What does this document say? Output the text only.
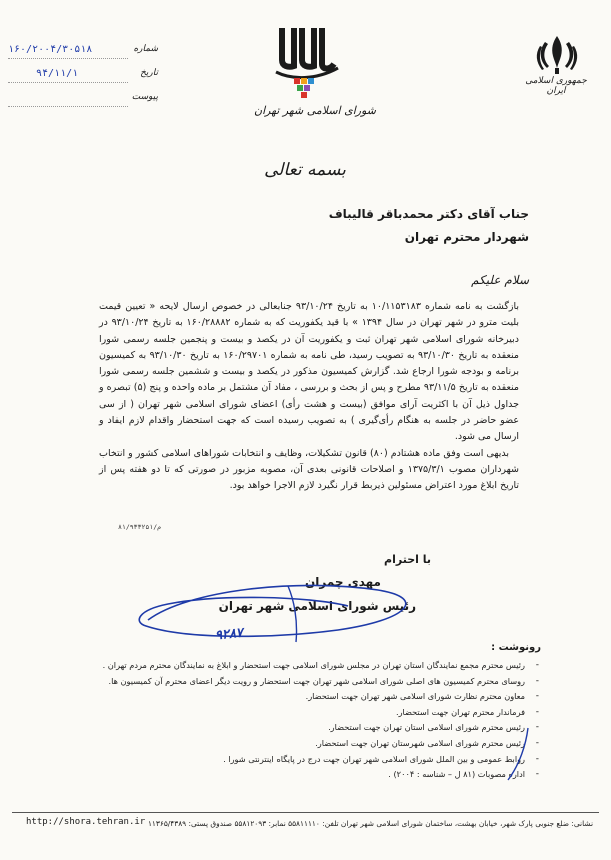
جمهوری اسلامی ایران
شورای اسلامی شهر تهران
۱۶۰/۲۰۰۴/۳۰۵۱۸	شماره
۹۴/۱۱/۱	تاریخ
پیوست
بسمه تعالی
جناب آقای دکتر محمدباقر قالیباف
شهردار محترم تهران
سلام علیکم

بازگشت به نامه شماره ۱۰/۱۱۵۳۱۸۳ به تاریخ ۹۳/۱۰/۲۴ جنابعالی در خصوص ارسال لایحه « تعیین قیمت بلیت مترو در شهر تهران در سال ۱۳۹۴ » با قید یکفوریت که به شماره ۱۶۰/۲۸۸۸۲ به تاریخ ۹۳/۱۰/۲۴ در دبیرخانه شورای اسلامی شهر تهران ثبت و یکفوریت آن در یکصد و بیست و پنجمین جلسه رسمی شورا منعقده به تاریخ ۹۳/۱۰/۳۰ به تصویب رسید، طی نامه به شماره ۱۶۰/۲۹۷۰۱ به تاریخ ۹۳/۱۰/۳۰ به کمیسیون برنامه و بودجه شورا ارجاع شد. گزارش کمیسیون مذکور در یکصد و بیست و ششمین جلسه رسمی شورا منعقده به تاریخ ۹۳/۱۱/۵ مطرح و پس از بحث و بررسی ، مفاد آن مشتمل بر ماده واحده و پنج (۵) تبصره و جداول ذیل آن با اکثریت آرای موافق (بیست و هشت رأی) اعضای شورای اسلامی شهر تهران ( از سی عضو حاضر در جلسه به هنگام رأی‌گیری ) به تصویب رسیده است که جهت استحضار واقدام لازم ایفاد و ارسال می شود.

بدیهی است وفق ماده هشتادم (۸۰) قانون تشکیلات، وظایف و انتخابات شوراهای اسلامی کشور و انتخاب شهرداران مصوب ۱۳۷۵/۳/۱ و اصلاحات قانونی بعدی آن، مصوبه مزبور در صورتی که تا دو هفته پس از تاریخ ابلاغ مورد اعتراض مسئولین ذیربط قرار نگیرد لازم الاجرا خواهد بود.

م/۸۱/۹۳۳۲۵۱
با احترام
مهدی چمران
رئیس شورای اسلامی شهر تهران
۹۲۸۷
رونوشت :
- رئیس محترم مجمع نمایندگان استان تهران در مجلس شورای اسلامی جهت استحضار و ابلاغ به نمایندگان محترم مردم تهران .
- روسای محترم کمیسیون های اصلی شورای اسلامی شهر تهران جهت استحضار و رویت دیگر اعضای محترم آن کمیسیون ها.
- معاون محترم نظارت شورای اسلامی شهر تهران جهت استحضار.
- فرماندار محترم تهران جهت استحضار.
- رئیس محترم شورای اسلامی استان تهران جهت استحضار.
- رئیس محترم شورای اسلامی شهرستان تهران جهت استحضار.
- روابط عمومی و بین الملل شورای اسلامی شهر تهران جهت درج در پایگاه اینترنتی شورا .
- اداره مصوبات (۸۱ ل – شناسه : ۲۰۰۴) .
نشانی: ضلع جنوبی پارک شهر، خیابان بهشت، ساختمان شورای اسلامی شهر تهران تلفن: ۵۵۸۱۱۱۱۰ نمابر: ۵۵۸۱۲۰۹۳ صندوق پستی: ۱۱۳۶۵/۴۳۸۹
http://shora.tehran.ir
